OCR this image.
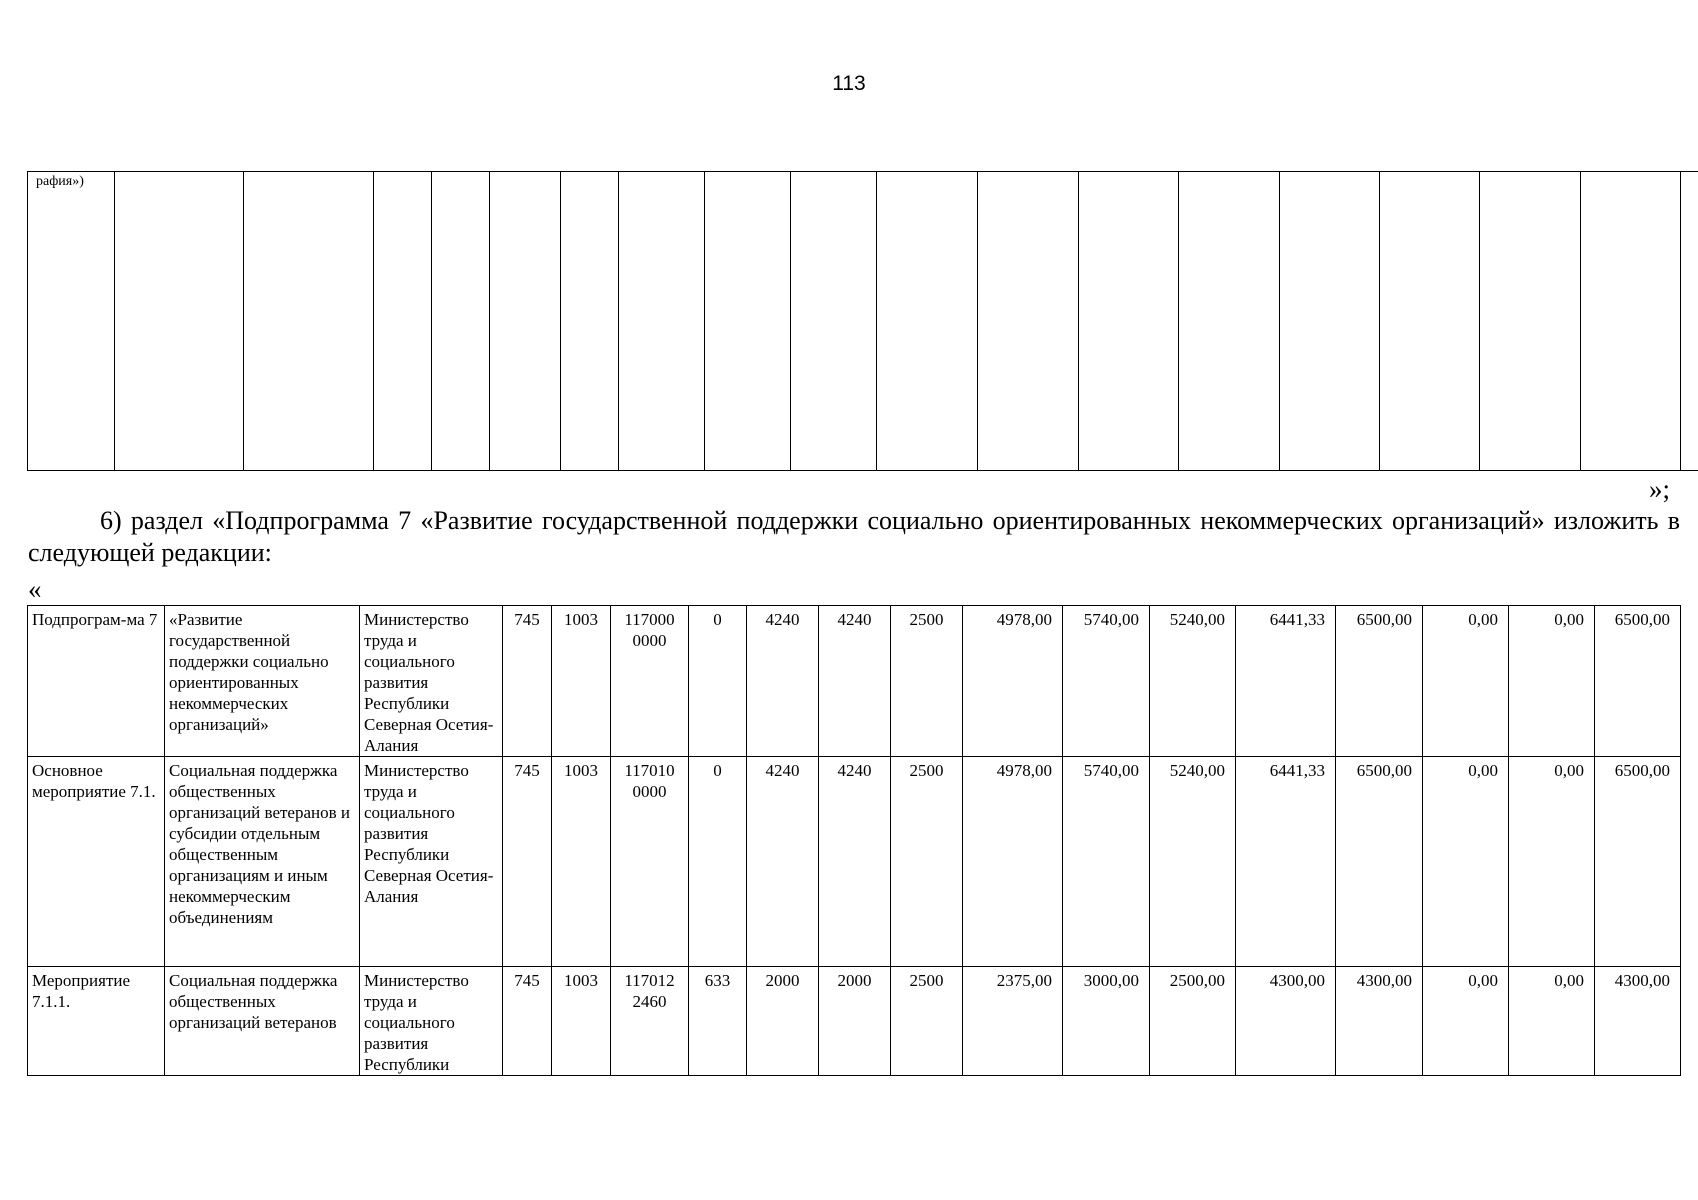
113
рафия»)																		
»;
6) раздел «Подпрограмма 7 «Развитие государственной поддержки социально ориентированных некоммерческих организаций» изложить в следующей редакции:
«
Подпрограм-ма 7	«Развитие государственной поддержки социально ориентированных некоммерческих организаций»	Министерство труда и социального развития Республики Северная Осетия-Алания	745	1003	117000 0000	0	4240	4240	2500	4978,00	5740,00	5240,00	6441,33	6500,00	0,00	0,00	6500,00
Основное мероприятие 7.1.	Социальная поддержка общественных организаций ветеранов и субсидии отдельным общественным организациям и иным некоммерческим объединениям	Министерство труда и социального развития Республики Северная Осетия-Алания	745	1003	117010 0000	0	4240	4240	2500	4978,00	5740,00	5240,00	6441,33	6500,00	0,00	0,00	6500,00
Мероприятие 7.1.1.	Социальная поддержка общественных организаций ветеранов	Министерство труда и социального развития Республики	745	1003	117012 2460	633	2000	2000	2500	2375,00	3000,00	2500,00	4300,00	4300,00	0,00	0,00	4300,00
